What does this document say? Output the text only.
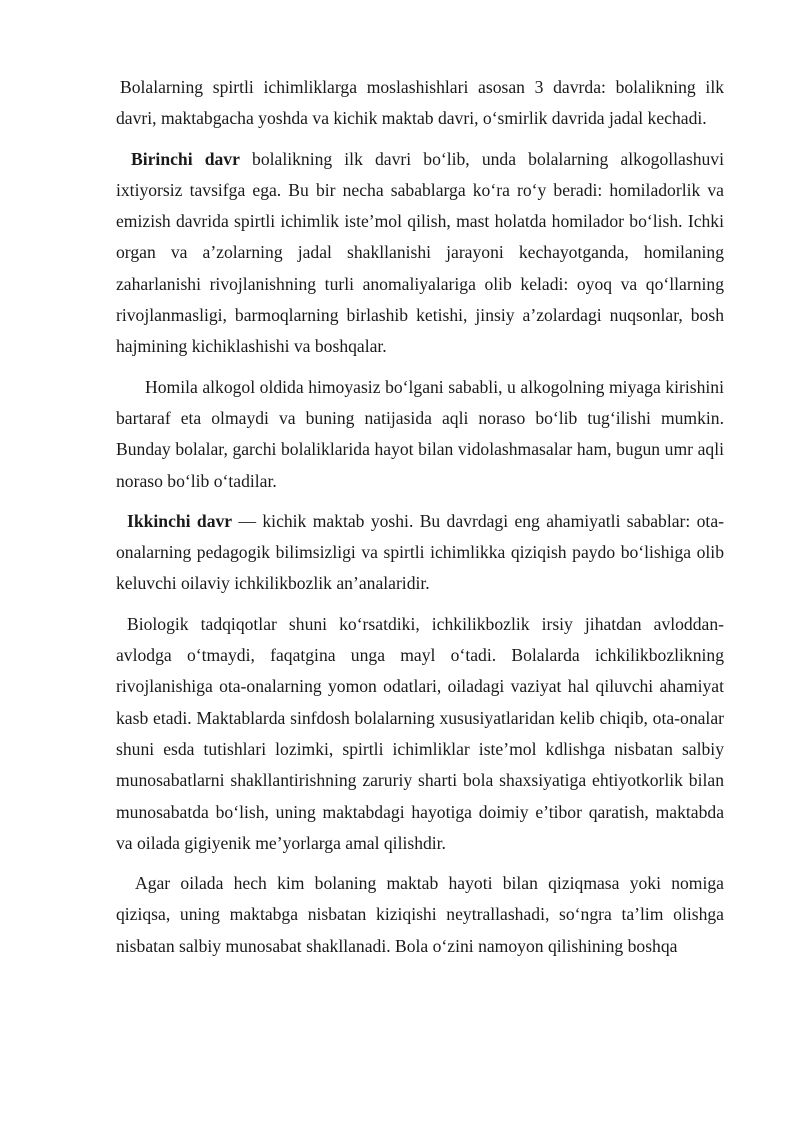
Bolalarning spirtli ichimliklarga moslashishlari asosan 3 davrda: bolalikning ilk davri, maktabgacha yoshda va kichik maktab davri, o‘smirlik davrida jadal kechadi.

Birinchi davr bolalikning ilk davri bo‘lib, unda bolalarning alkogollashuvi ixtiyorsiz tavsifga ega. Bu bir necha sabablarga ko‘ra ro‘y beradi: homiladorlik va emizish davrida spirtli ichimlik iste’mol qilish, mast holatda homilador bo‘lish. Ichki organ va a’zolarning jadal shakllanishi jarayoni kechayotganda, homilaning zaharlanishi rivojlanishning turli anomaliyalariga olib keladi: oyoq va qo‘llarning rivojlanmasligi, barmoqlarning birlashib ketishi, jinsiy a’zolardagi nuqsonlar, bosh hajmining kichiklashishi va boshqalar.

Homila alkogol oldida himoyasiz bo‘lgani sababli, u alkogolning miyaga kirishini bartaraf eta olmaydi va buning natijasida aqli noraso bo‘lib tug‘ilishi mumkin. Bunday bolalar, garchi bolaliklarida hayot bilan vidolashmasalar ham, bugun umr aqli noraso bo‘lib o‘tadilar.

Ikkinchi davr — kichik maktab yoshi. Bu davrdagi eng ahamiyatli sabablar: ota-onalarning pedagogik bilimsizligi va spirtli ichimlikka qiziqish paydo bo‘lishiga olib keluvchi oilaviy ichkilikbozlik an’analaridir.

Biologik tadqiqotlar shuni ko‘rsatdiki, ichkilikbozlik irsiy jihatdan avloddan-avlodga o‘tmaydi, faqatgina unga mayl o‘tadi. Bolalarda ichkilikbozlikning rivojlanishiga ota-onalarning yomon odatlari, oiladagi vaziyat hal qiluvchi ahamiyat kasb etadi. Maktablarda sinfdosh bolalarning xususiyatlaridan kelib chiqib, ota-onalar shuni esda tutishlari lozimki, spirtli ichimliklar iste’mol kdlishga nisbatan salbiy munosabatlarni shakllantirishning zaruriy sharti bola shaxsiyatiga ehtiyotkorlik bilan munosabatda bo‘lish, uning maktabdagi hayotiga doimiy e’tibor qaratish, maktabda va oilada gigiyenik me’yorlarga amal qilishdir.

Agar oilada hech kim bolaning maktab hayoti bilan qiziqmasa yoki nomiga qiziqsa, uning maktabga nisbatan kiziqishi neytrallashadi, so‘ngra ta’lim olishga nisbatan salbiy munosabat shakllanadi. Bola o‘zini namoyon qilishining boshqa
